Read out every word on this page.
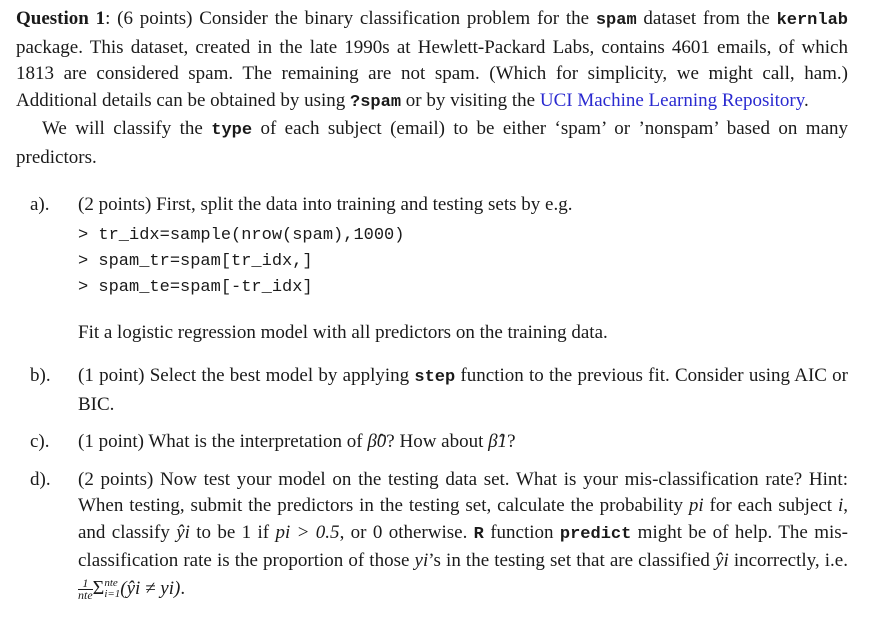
Question 1: (6 points) Consider the binary classification problem for the spam dataset from the kernlab package. This dataset, created in the late 1990s at Hewlett-Packard Labs, contains 4601 emails, of which 1813 are considered spam. The remaining are not spam. (Which for simplicity, we might call, ham.) Additional details can be obtained by using ?spam or by visiting the UCI Machine Learning Repository.

We will classify the type of each subject (email) to be either ‘spam’ or ’nonspam’ based on many predictors.

a).	(2 points) First, split the data into training and testing sets by e.g.
> tr_idx=sample(nrow(spam),1000)
> spam_tr=spam[tr_idx,]
> spam_te=spam[-tr_idx]
Fit a logistic regression model with all predictors on the training data.
b).	(1 point) Select the best model by applying step function to the previous fit. Consider using AIC or BIC.
c).	(1 point) What is the interpretation of β̂0? How about β̂1?
d).	(2 points) Now test your model on the testing data set. What is your mis-classification rate? Hint: When testing, submit the predictors in the testing set, calculate the probability pi for each subject i, and classify ŷi to be 1 if pi > 0.5, or 0 otherwise. R function predict might be of help. The mis-classification rate is the proportion of those yi’s in the testing set that are classified ŷi incorrectly, i.e.
$\frac{1}{\text{nte}}$ Σ nte
i=1 (ŷi ≠ yi).
